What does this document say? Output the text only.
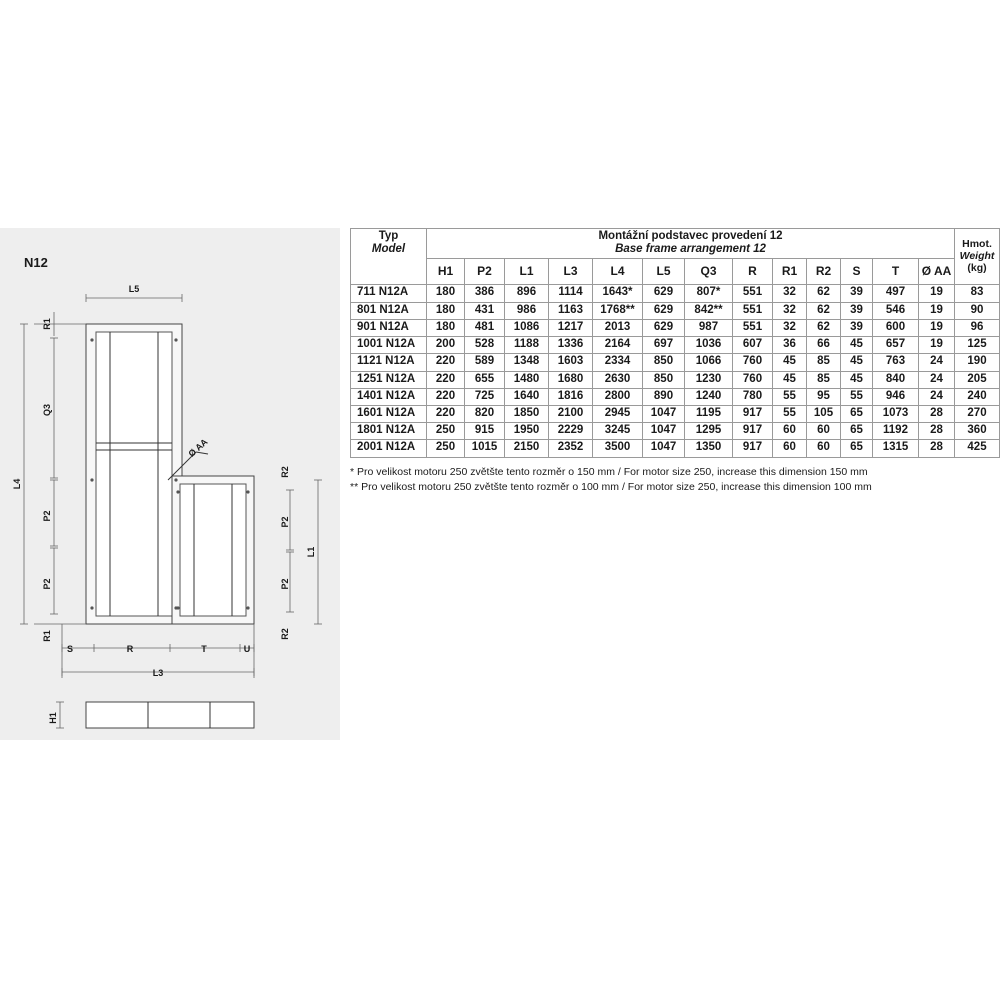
N12
L5
L4
Q3
R1
P2
P2
R1
R2
P2
P2
R2
L1
S	R	T	U
L3
H1
Ø AA
Typ
Model	Montážní podstavec provedení 12
Base frame arrangement 12													Hmot.
Weight
(kg)
	H1	P2	L1	L3	L4	L5	Q3	R	R1	R2	S	T	Ø AA	
711 N12A	180	386	896	1114	1643*	629	807*	551	32	62	39	497	19	83
801 N12A	180	431	986	1163	1768**	629	842**	551	32	62	39	546	19	90
901 N12A	180	481	1086	1217	2013	629	987	551	32	62	39	600	19	96
1001 N12A	200	528	1188	1336	2164	697	1036	607	36	66	45	657	19	125
1121 N12A	220	589	1348	1603	2334	850	1066	760	45	85	45	763	24	190
1251 N12A	220	655	1480	1680	2630	850	1230	760	45	85	45	840	24	205
1401 N12A	220	725	1640	1816	2800	890	1240	780	55	95	55	946	24	240
1601 N12A	220	820	1850	2100	2945	1047	1195	917	55	105	65	1073	28	270
1801 N12A	250	915	1950	2229	3245	1047	1295	917	60	60	65	1192	28	360
2001 N12A	250	1015	2150	2352	3500	1047	1350	917	60	60	65	1315	28	425
* Pro velikost motoru 250 zvětšte tento rozměr o 150 mm / For motor size 250, increase this dimension 150 mm
** Pro velikost motoru 250 zvětšte tento rozměr o 100 mm / For motor size 250, increase this dimension 100 mm
